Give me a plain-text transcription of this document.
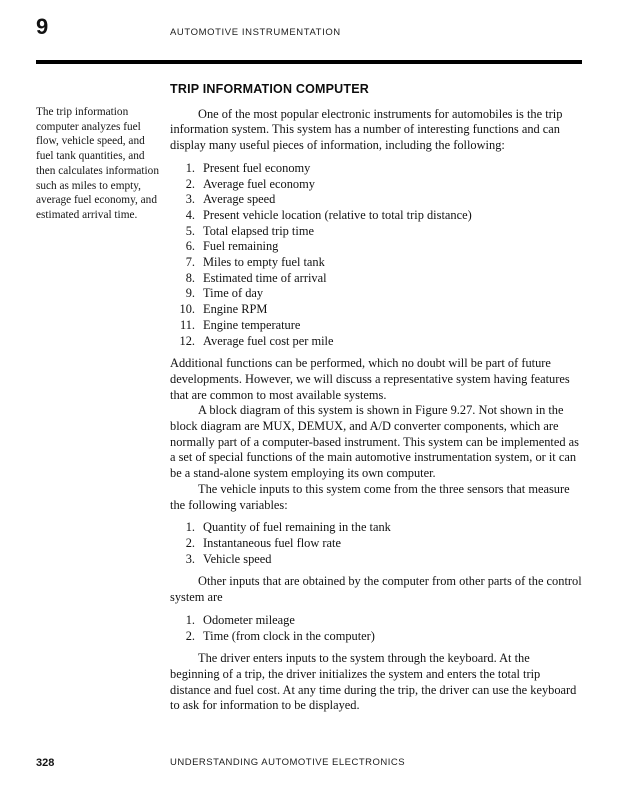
9	AUTOMOTIVE INSTRUMENTATION
The trip information computer analyzes fuel flow, vehicle speed, and fuel tank quantities, and then calculates information such as miles to empty, average fuel economy, and estimated arrival time.
TRIP INFORMATION COMPUTER

One of the most popular electronic instruments for automobiles is the trip information system. This system has a number of interesting functions and can display many useful pieces of information, including the following:

1. Present fuel economy
2. Average fuel economy
3. Average speed
4. Present vehicle location (relative to total trip distance)
5. Total elapsed trip time
6. Fuel remaining
7. Miles to empty fuel tank
8. Estimated time of arrival
9. Time of day
10. Engine RPM
11. Engine temperature
12. Average fuel cost per mile

Additional functions can be performed, which no doubt will be part of future developments. However, we will discuss a representative system having features that are common to most available systems.

A block diagram of this system is shown in Figure 9.27. Not shown in the block diagram are MUX, DEMUX, and A/D converter components, which are normally part of a computer-based instrument. This system can be implemented as a set of special functions of the main automotive instrumentation system, or it can be a stand-alone system employing its own computer.

The vehicle inputs to this system come from the three sensors that measure the following variables:

1. Quantity of fuel remaining in the tank
2. Instantaneous fuel flow rate
3. Vehicle speed

Other inputs that are obtained by the computer from other parts of the control system are

1. Odometer mileage
2. Time (from clock in the computer)

The driver enters inputs to the system through the keyboard. At the beginning of a trip, the driver initializes the system and enters the total trip distance and fuel cost. At any time during the trip, the driver can use the keyboard to ask for information to be displayed.

328	UNDERSTANDING AUTOMOTIVE ELECTRONICS
